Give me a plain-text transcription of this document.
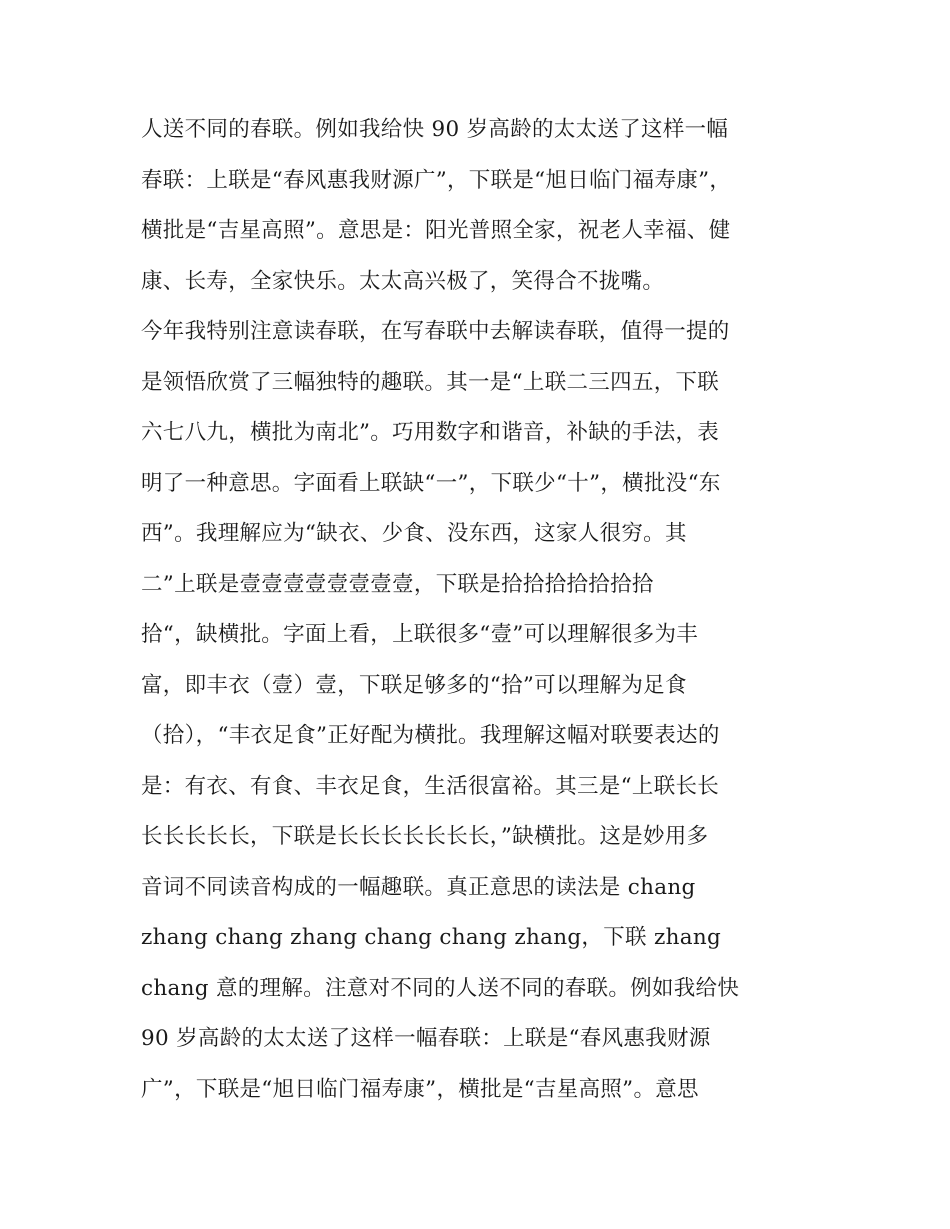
人送不同的春联。例如我给快 90 岁高龄的太太送了这样一幅
春联：上联是“春风惠我财源广”，下联是“旭日临门福寿康”，
横批是“吉星高照”。意思是：阳光普照全家，祝老人幸福、健
康、长寿，全家快乐。太太高兴极了，笑得合不拢嘴。
今年我特别注意读春联，在写春联中去解读春联，值得一提的
是领悟欣赏了三幅独特的趣联。其一是“上联二三四五，下联
六七八九，横批为南北”。巧用数字和谐音，补缺的手法，表
明了一种意思。字面看上联缺“一”，下联少“十”，横批没“东
西”。我理解应为“缺衣、少食、没东西，这家人很穷。其
二”上联是壹壹壹壹壹壹壹壹，下联是拾拾拾拾拾拾拾
拾“，缺横批。字面上看，上联很多“壹”可以理解很多为丰
富，即丰衣（壹）壹，下联足够多的“拾”可以理解为足食
（拾），“丰衣足食”正好配为横批。我理解这幅对联要表达的
是：有衣、有食、丰衣足食，生活很富裕。其三是“上联长长
长长长长长，下联是长长长长长长长，”缺横批。这是妙用多
音词不同读音构成的一幅趣联。真正意思的读法是 chang
zhang chang zhang chang chang zhang，下联 zhang
chang 意的理解。注意对不同的人送不同的春联。例如我给快
90 岁高龄的太太送了这样一幅春联：上联是“春风惠我财源
广”，下联是“旭日临门福寿康”，横批是“吉星高照”。意思
